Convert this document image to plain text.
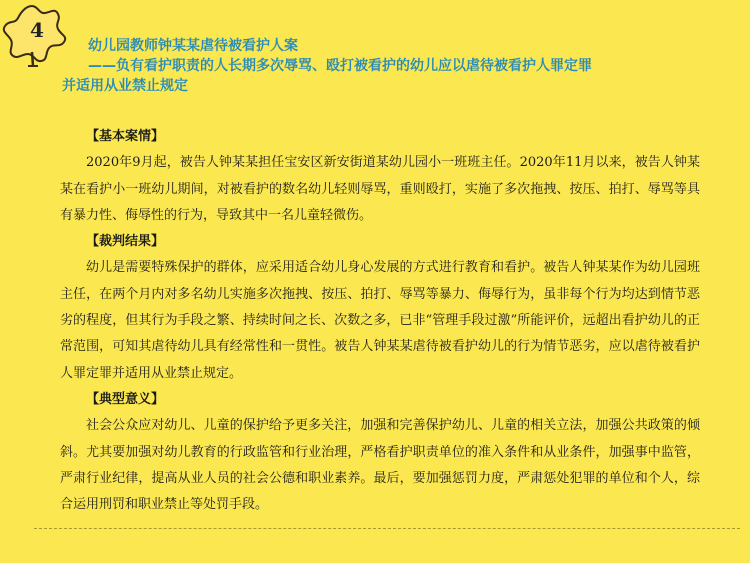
4
幼儿园教师钟某某虐待被看护人案
——负有看护职责的人长期多次辱骂、殴打被看护的幼儿应以虐待被看护人罪定罪
并适用从业禁止规定

【基本案情】

2020年9月起，被告人钟某某担任宝安区新安街道某幼儿园小一班班主任。2020年11月以来，被告人钟某某在看护小一班幼儿期间，对被看护的数名幼儿轻则辱骂，重则殴打，实施了多次拖拽、按压、拍打、辱骂等具有暴力性、侮辱性的行为，导致其中一名儿童轻微伤。

【裁判结果】

幼儿是需要特殊保护的群体，应采用适合幼儿身心发展的方式进行教育和看护。被告人钟某某作为幼儿园班主任，在两个月内对多名幼儿实施多次拖拽、按压、拍打、辱骂等暴力、侮辱行为，虽非每个行为均达到情节恶劣的程度，但其行为手段之繁、持续时间之长、次数之多，已非“管理手段过激”所能评价，远超出看护幼儿的正常范围，可知其虐待幼儿具有经常性和一贯性。被告人钟某某虐待被看护幼儿的行为情节恶劣，应以虐待被看护人罪定罪并适用从业禁止规定。

【典型意义】

社会公众应对幼儿、儿童的保护给予更多关注，加强和完善保护幼儿、儿童的相关立法，加强公共政策的倾斜。尤其要加强对幼儿教育的行政监管和行业治理，严格看护职责单位的准入条件和从业条件，加强事中监管，严肃行业纪律，提高从业人员的社会公德和职业素养。最后，要加强惩罚力度，严肃惩处犯罪的单位和个人，综合运用刑罚和职业禁止等处罚手段。
